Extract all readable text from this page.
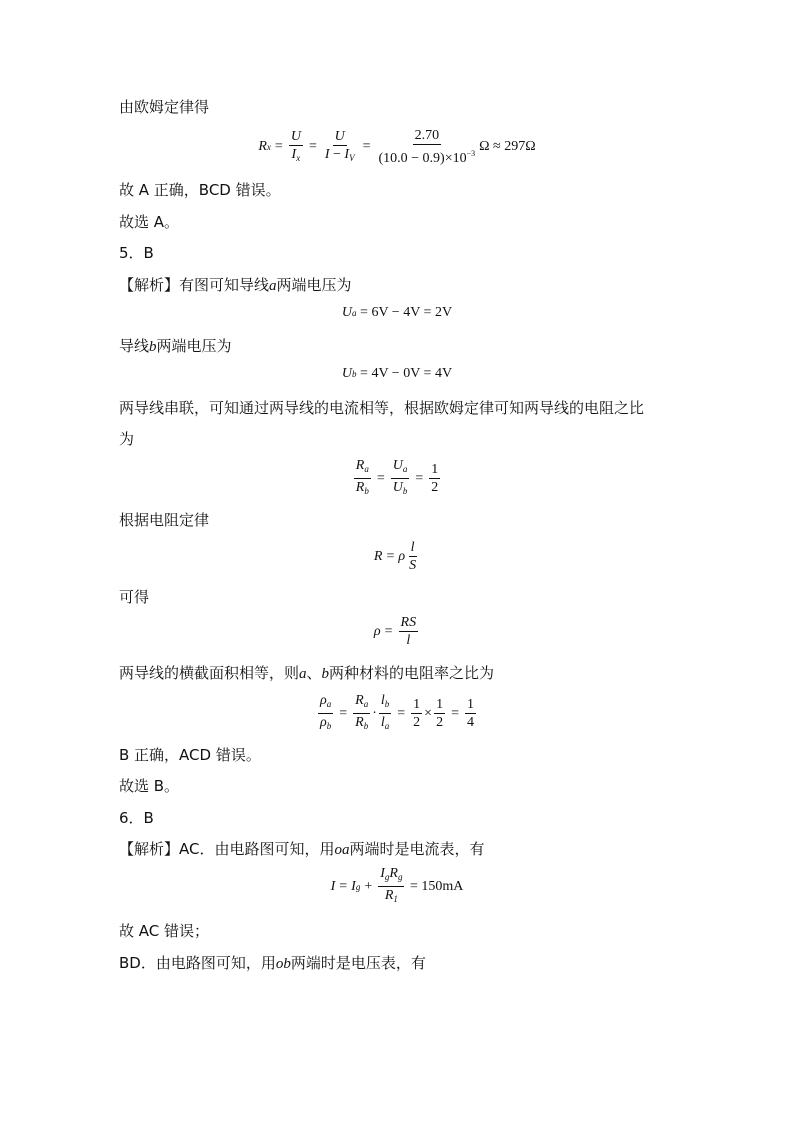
由欧姆定律得
R $x = \frac{U}{I_x} = \frac{U}{I - I_V} = \frac{2.70}{(10.0 - 0.9)\times 10^{-3}}$ Ω ≈ 297Ω
故 A 正确，BCD 错误。
故选 A。
5．B
【解析】有图可知导线a两端电压为
U a
= 6V − 4V = 2V
导线b两端电压为
U b
= 4V − 0V = 4V
两导线串联，可知通过两导线的电流相等，根据欧姆定律可知两导线的电阻之比
为
$\frac{R_a}{R_b} = \frac{U_a}{U_b} = \frac{1}{2}$
根据电阻定律
R = ρ $\frac{l}{S}$
可得
$\rho = \frac{RS}{l}$
两导线的横截面积相等，则a、b两种材料的电阻率之比为
$\frac{\rho_a}{\rho_b} = \frac{R_a}{R_b} \cdot \frac{l_b}{l_a} = \frac{1}{2} \times \frac{1}{2} = \frac{1}{4}$
B 正确，ACD 错误。
故选 B。
6．B
【解析】AC．由电路图可知，用oa两端时是电流表，有
I = I $g + \frac{I_gR_g}{R_1}$
= 150mA
故 AC 错误；
BD．由电路图可知，用ob两端时是电压表，有
